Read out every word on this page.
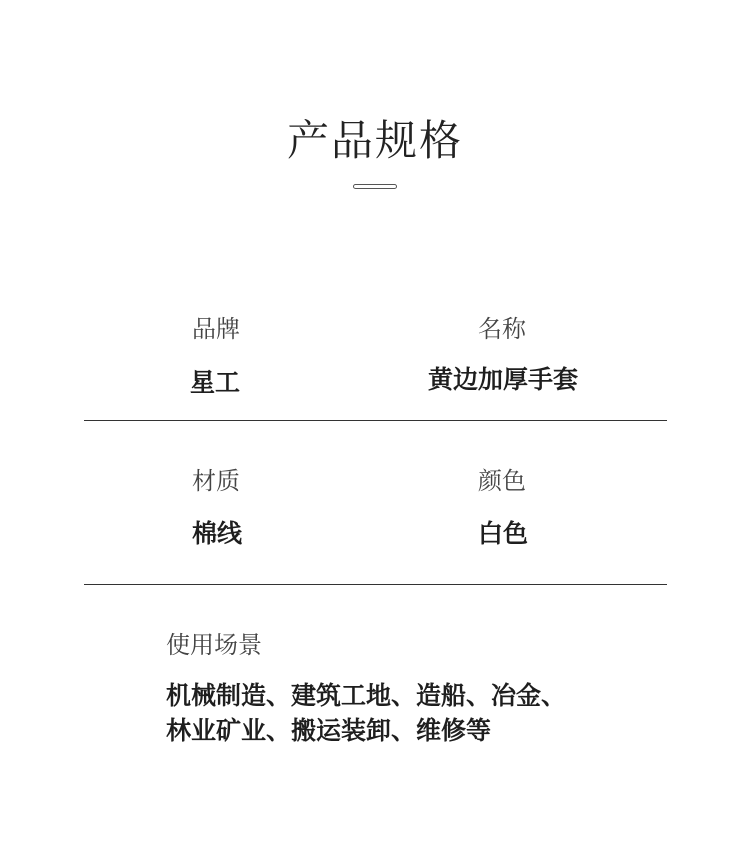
产品规格
品牌
星工
名称
黄边加厚手套
材质
棉线
颜色
白色
使用场景
机械制造、建筑工地、造船、冶金、
林业矿业、搬运装卸、维修等
